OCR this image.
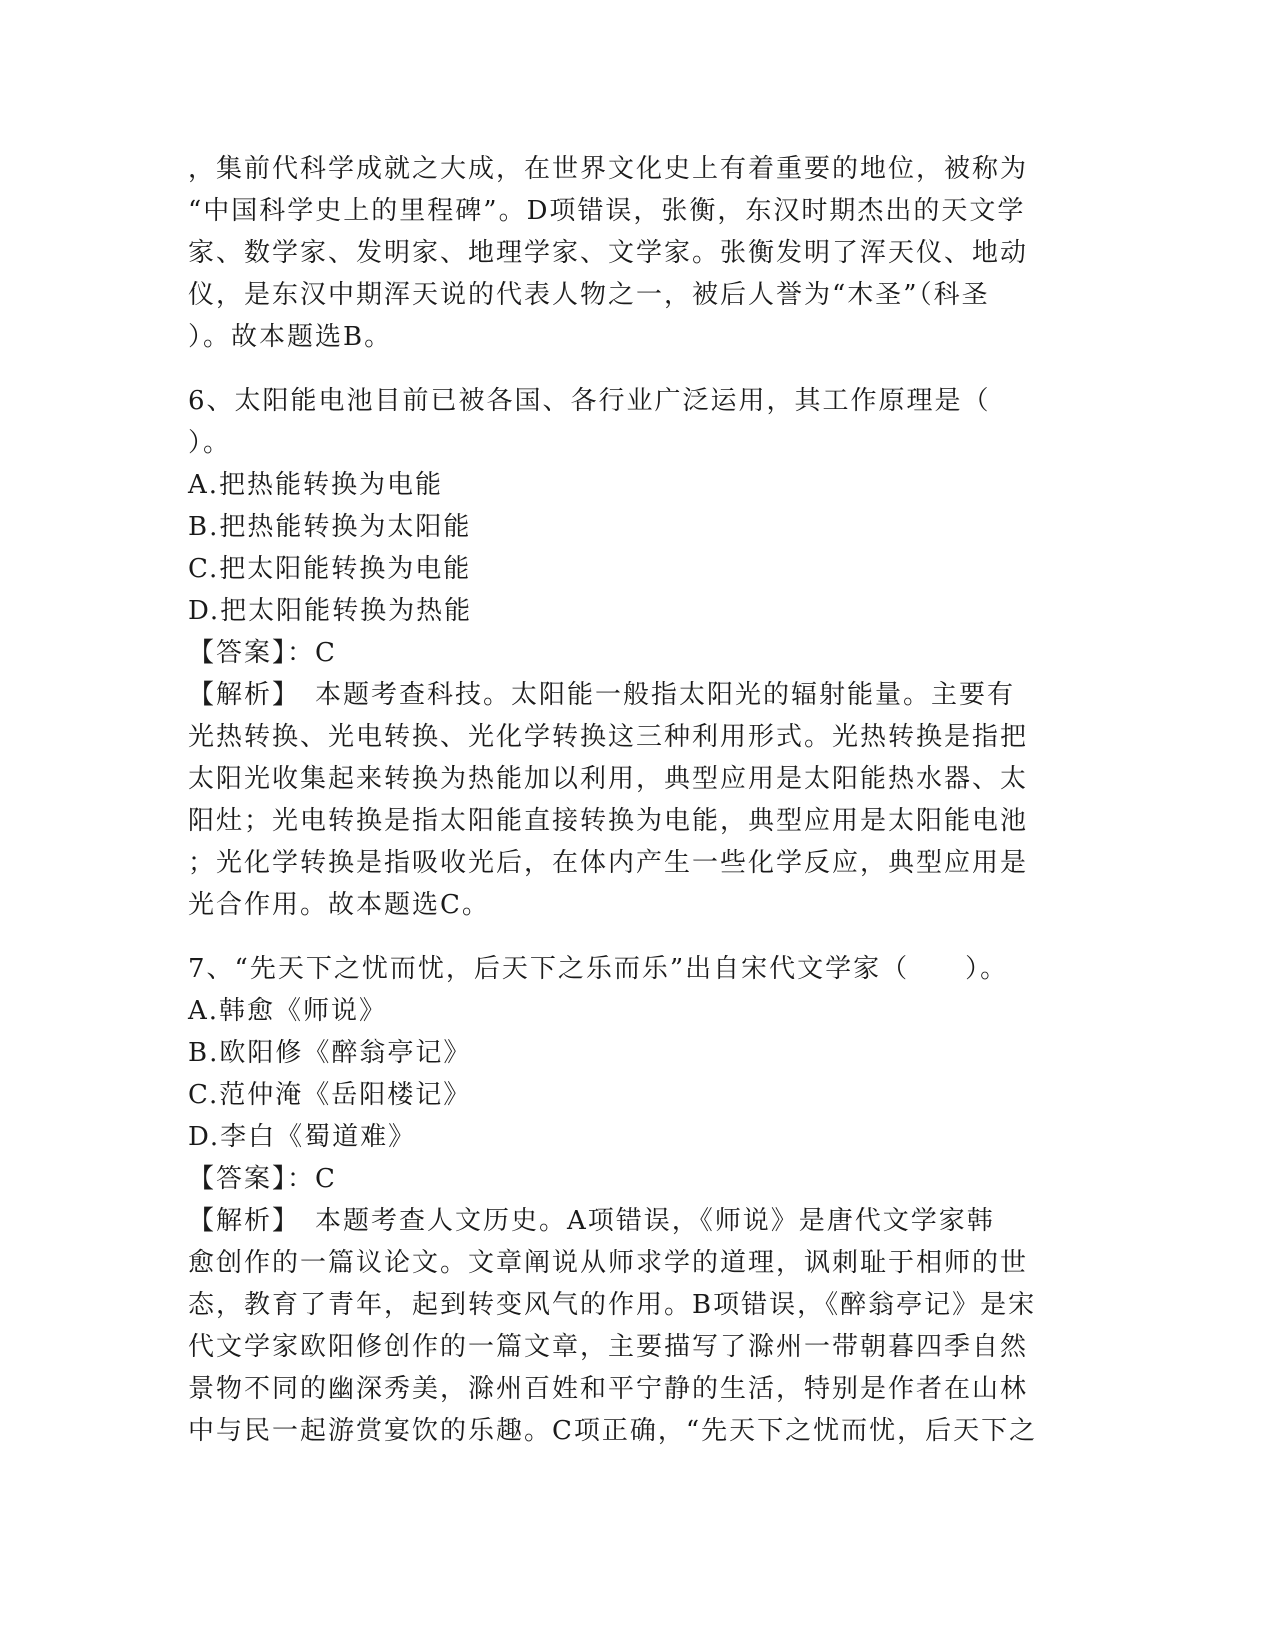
，集前代科学成就之大成，在世界文化史上有着重要的地位，被称为
“中国科学史上的里程碑”。D项错误，张衡，东汉时期杰出的天文学
家、数学家、发明家、地理学家、文学家。张衡发明了浑天仪、地动
仪，是东汉中期浑天说的代表人物之一，被后人誉为“木圣”（科圣
）。故本题选B。
6、太阳能电池目前已被各国、各行业广泛运用，其工作原理是（
）。
A.把热能转换为电能
B.把热能转换为太阳能
C.把太阳能转换为电能
D.把太阳能转换为热能
【答案】：C
【解析】　本题考查科技。太阳能一般指太阳光的辐射能量。主要有
光热转换、光电转换、光化学转换这三种利用形式。光热转换是指把
太阳光收集起来转换为热能加以利用，典型应用是太阳能热水器、太
阳灶；光电转换是指太阳能直接转换为电能，典型应用是太阳能电池
；光化学转换是指吸收光后，在体内产生一些化学反应，典型应用是
光合作用。故本题选C。
7、“先天下之忧而忧，后天下之乐而乐”出自宋代文学家（　　）。
A.韩愈《师说》
B.欧阳修《醉翁亭记》
C.范仲淹《岳阳楼记》
D.李白《蜀道难》
【答案】：C
【解析】　本题考查人文历史。A项错误，《师说》是唐代文学家韩
愈创作的一篇议论文。文章阐说从师求学的道理，讽刺耻于相师的世
态，教育了青年，起到转变风气的作用。B项错误，《醉翁亭记》是宋
代文学家欧阳修创作的一篇文章，主要描写了滁州一带朝暮四季自然
景物不同的幽深秀美，滁州百姓和平宁静的生活，特别是作者在山林
中与民一起游赏宴饮的乐趣。C项正确，“先天下之忧而忧，后天下之
